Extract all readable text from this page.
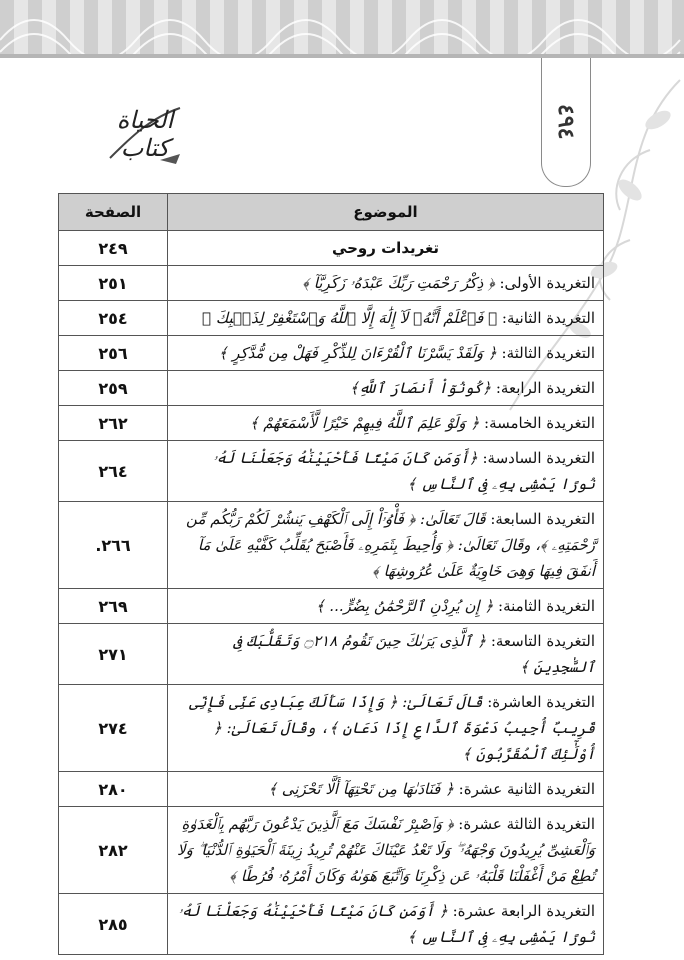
٤٩٤
الحياة كتاب
الموضوع	الصفحة
تغريدات روحي	٢٤٩
التغريدة الأولى: ﴿ ذِكْرُ رَحْمَتِ رَبِّكَ عَبْدَهُۥ زَكَرِيَّآ ﴾	٢٥١
التغريدة الثانية: ﴿ فَٱعْلَمْ أَنَّهُۥ لَآ إِلَٰهَ إِلَّا ٱللَّهُ وَٱسْتَغْفِرْ لِذَنۢبِكَ ﴾	٢٥٤
التغريدة الثالثة: ﴿ وَلَقَدْ يَسَّرْنَا ٱلْقُرْءَانَ لِلذِّكْرِ فَهَلْ مِن مُّدَّكِرٍ ﴾	٢٥٦
التغريدة الرابعة: ﴿كُونُوٓاْ أَنصَارَ ٱللَّهِ﴾	٢٥٩
التغريدة الخامسة: ﴿ وَلَوْ عَلِمَ ٱللَّهُ فِيهِمْ خَيْرًا لَّأَسْمَعَهُمْ ﴾	٢٦٢
التغريدة السادسة: ﴿أَوَمَن كَانَ مَيْتًا فَأَحْيَيْنَٰهُ وَجَعَلْنَا لَهُۥ نُورًا يَمْشِى بِهِۦ فِى ٱلنَّاسِ ﴾	٢٦٤
التغريدة السابعة: قَالَ تَعَالَىٰ: ﴿ فَأْوُۥٓاْ إِلَى ٱلْكَهْفِ يَنشُرْ لَكُمْ رَبُّكُم مِّن رَّحْمَتِهِۦ ﴾، وقَالَ تَعَالَىٰ: ﴿ وَأُحِيطَ بِثَمَرِهِۦ فَأَصْبَحَ يُقَلِّبُ كَفَّيْهِ عَلَىٰ مَآ أَنفَقَ فِيهَا وَهِىَ خَاوِيَةٌ عَلَىٰ عُرُوشِهَا ﴾	٢٦٦.
التغريدة الثامنة: ﴿ إِن يُرِدْنِ ٱلرَّحْمَٰنُ بِضُرٍّ... ﴾	٢٦٩
التغريدة التاسعة: ﴿ ٱلَّذِى يَرَىٰكَ حِينَ تَقُومُ ۝٢١٨ وَتَقَلُّبَكَ فِى ٱلسَّٰجِدِينَ ﴾	٢٧١
التغريدة العاشرة: قَالَ تَعَالَىٰ: ﴿ وَإِذَا سَأَلَكَ عِبَادِى عَنِّى فَإِنِّى قَرِيبٌ أُجِيبُ دَعْوَةَ ٱلدَّاعِ إِذَا دَعَانِ ﴾، وقَالَ تَعَالَىٰ: ﴿ أُوْلَٰٓئِكَ ٱلْمُقَرَّبُونَ ﴾	٢٧٤
التغريدة الثانية عشرة: ﴿ فَنَادَىٰهَا مِن تَحْتِهَآ أَلَّا تَحْزَنِى ﴾	٢٨٠
التغريدة الثالثة عشرة: ﴿ وَٱصْبِرْ نَفْسَكَ مَعَ ٱلَّذِينَ يَدْعُونَ رَبَّهُم بِٱلْغَدَوٰةِ وَٱلْعَشِىِّ يُرِيدُونَ وَجْهَهُۥ ۖ وَلَا تَعْدُ عَيْنَاكَ عَنْهُمْ تُرِيدُ زِينَةَ ٱلْحَيَوٰةِ ٱلدُّنْيَا ۖ وَلَا تُطِعْ مَنْ أَغْفَلْنَا قَلْبَهُۥ عَن ذِكْرِنَا وَٱتَّبَعَ هَوَىٰهُ وَكَانَ أَمْرُهُۥ فُرُطًا ﴾	٢٨٢
التغريدة الرابعة عشرة: ﴿ أَوَمَن كَانَ مَيْتًا فَأَحْيَيْنَٰهُ وَجَعَلْنَا لَهُۥ نُورًا يَمْشِى بِهِۦ فِى ٱلنَّاسِ ﴾	٢٨٥
